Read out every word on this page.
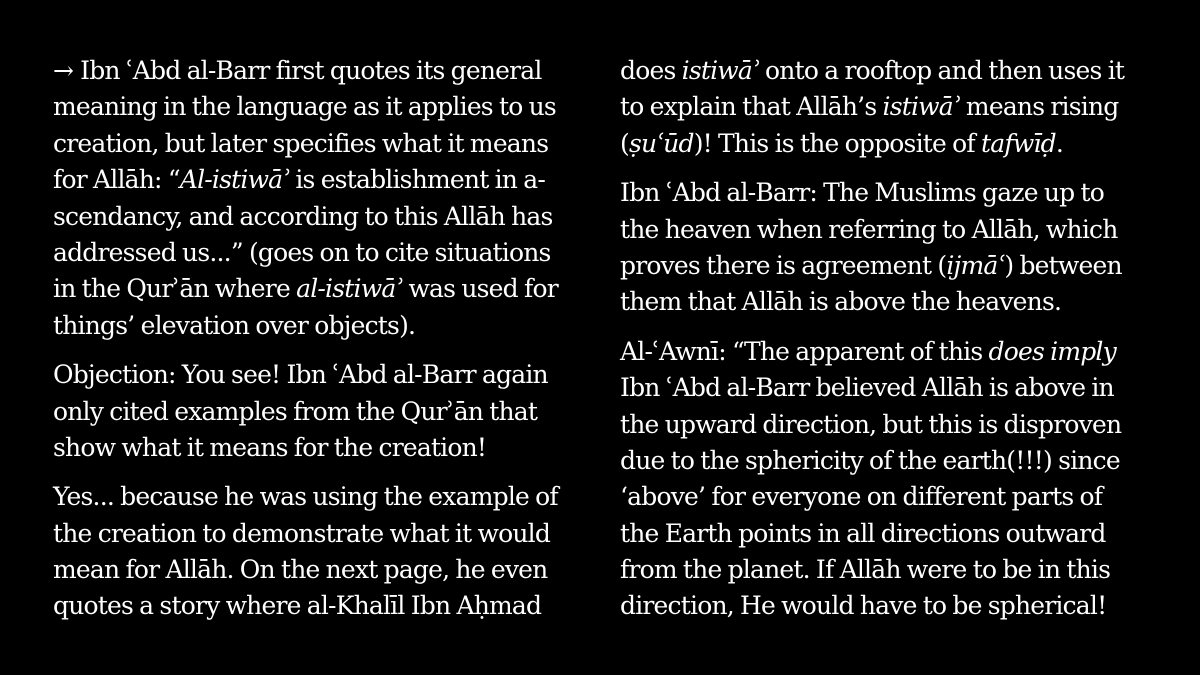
→ Ibn ʿAbd al-Barr first quotes its general
meaning in the language as it applies to us
creation, but later specifies what it means
for Allāh: “Al-istiwāʾ is establishment in a-
scendancy, and according to this Allāh has
addressed us...” (goes on to cite situations
in the Qurʾān where al-istiwāʾ was used for
things’ elevation over objects).
Objection: You see! Ibn ʿAbd al-Barr again
only cited examples from the Qurʾān that
show what it means for the creation!
Yes... because he was using the example of
the creation to demonstrate what it would
mean for Allāh. On the next page, he even
quotes a story where al-Khalīl Ibn Aḥmad
does istiwāʾ onto a rooftop and then uses it
to explain that Allāh’s istiwāʾ means rising
(ṣuʿūd)! This is the opposite of tafwīḍ.
Ibn ʿAbd al-Barr: The Muslims gaze up to
the heaven when referring to Allāh, which
proves there is agreement (ijmāʿ) between
them that Allāh is above the heavens.
Al-ʿAwnī: “The apparent of this does imply
Ibn ʿAbd al-Barr believed Allāh is above in
the upward direction, but this is disproven
due to the sphericity of the earth(!!!) since
‘above’ for everyone on different parts of
the Earth points in all directions outward
from the planet. If Allāh were to be in this
direction, He would have to be spherical!
